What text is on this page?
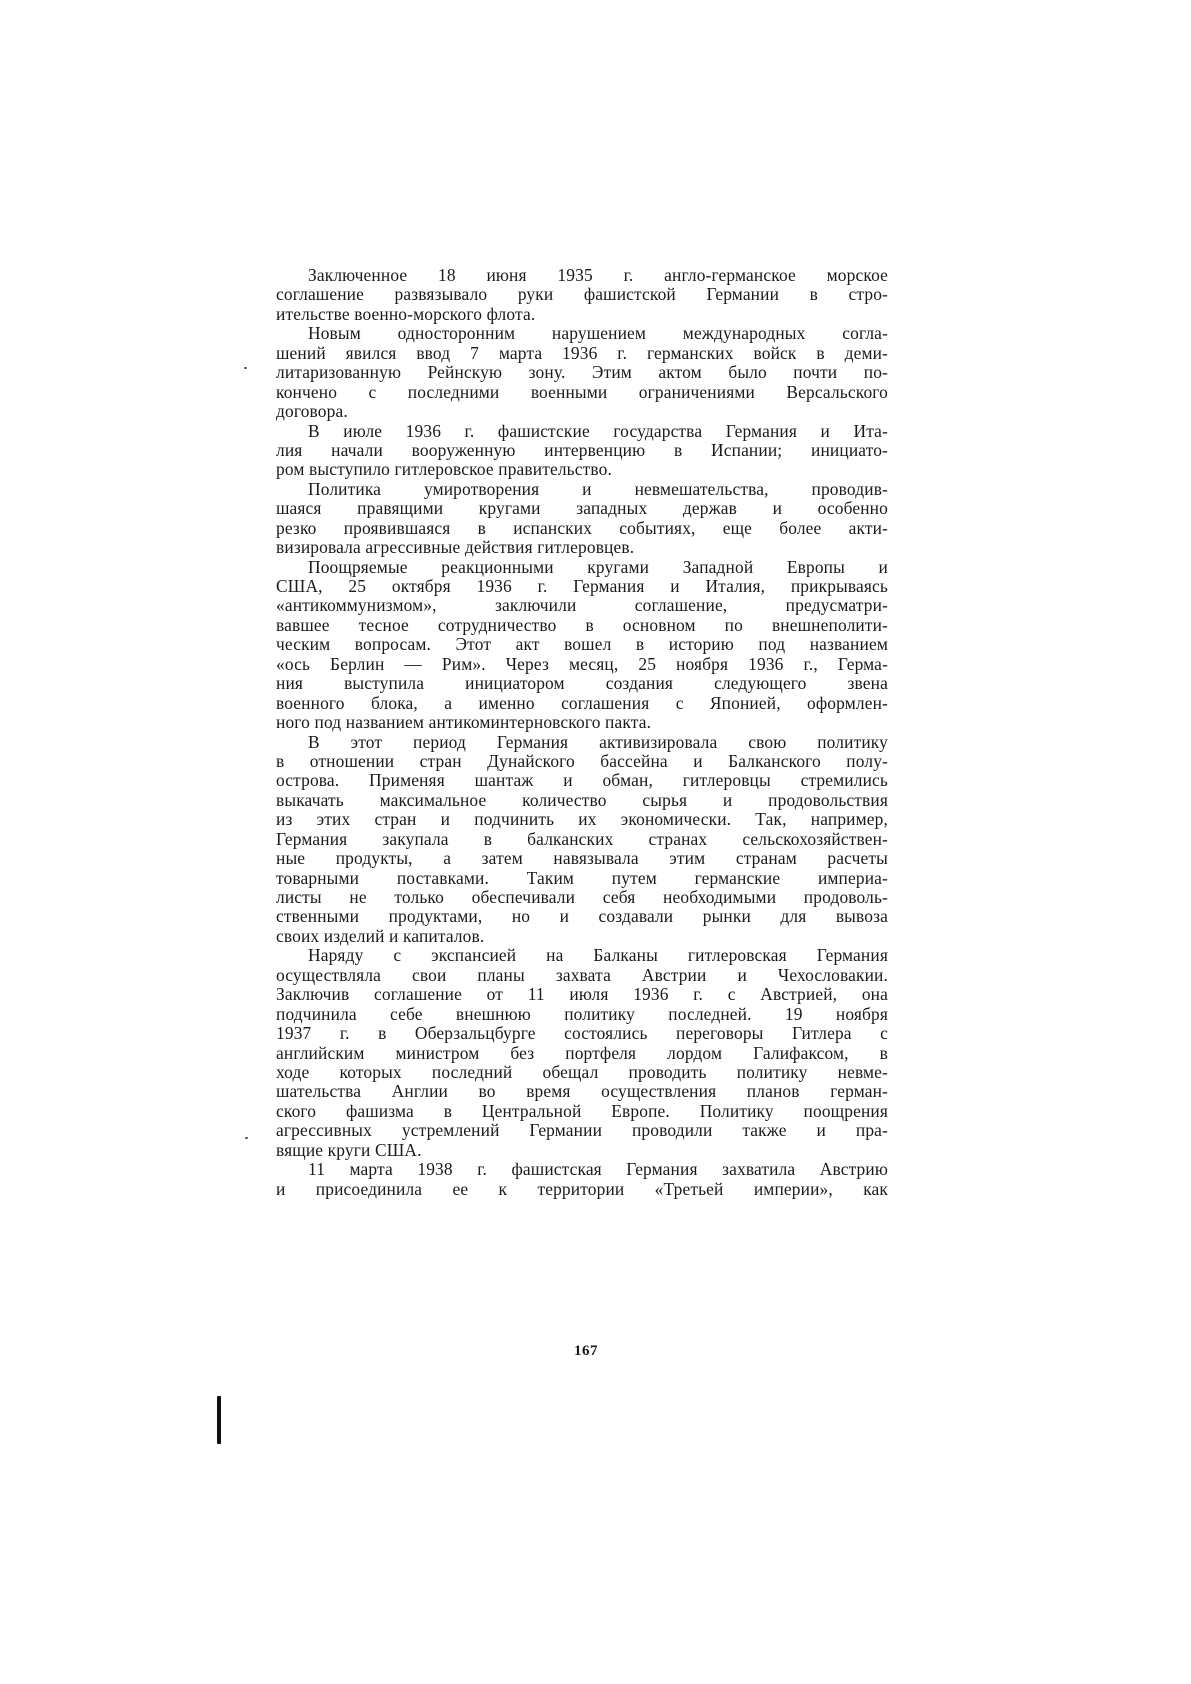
Заключенное 18 июня 1935 г. англо-германское морское
соглашение развязывало руки фашистской Германии в стро-
ительстве военно-морского флота.
Новым односторонним нарушением международных согла-
шений явился ввод 7 марта 1936 г. германских войск в деми-
литаризованную Рейнскую зону. Этим актом было почти по-
кончено с последними военными ограничениями Версальского
договора.
В июле 1936 г. фашистские государства Германия и Ита-
лия начали вооруженную интервенцию в Испании; инициато-
ром выступило гитлеровское правительство.
Политика умиротворения и невмешательства, проводив-
шаяся правящими кругами западных держав и особенно
резко проявившаяся в испанских событиях, еще более акти-
визировала агрессивные действия гитлеровцев.
Поощряемые реакционными кругами Западной Европы и
США, 25 октября 1936 г. Германия и Италия, прикрываясь
«антикоммунизмом», заключили соглашение, предусматри-
вавшее тесное сотрудничество в основном по внешнеполити-
ческим вопросам. Этот акт вошел в историю под названием
«ось Берлин — Рим». Через месяц, 25 ноября 1936 г., Герма-
ния выступила инициатором создания следующего звена
военного блока, а именно соглашения с Японией, оформлен-
ного под названием антикоминтерновского пакта.
В этот период Германия активизировала свою политику
в отношении стран Дунайского бассейна и Балканского полу-
острова. Применяя шантаж и обман, гитлеровцы стремились
выкачать максимальное количество сырья и продовольствия
из этих стран и подчинить их экономически. Так, например,
Германия закупала в балканских странах сельскохозяйствен-
ные продукты, а затем навязывала этим странам расчеты
товарными поставками. Таким путем германские империа-
листы не только обеспечивали себя необходимыми продоволь-
ственными продуктами, но и создавали рынки для вывоза
своих изделий и капиталов.
Наряду с экспансией на Балканы гитлеровская Германия
осуществляла свои планы захвата Австрии и Чехословакии.
Заключив соглашение от 11 июля 1936 г. с Австрией, она
подчинила себе внешнюю политику последней. 19 ноября
1937 г. в Оберзальцбурге состоялись переговоры Гитлера с
английским министром без портфеля лордом Галифаксом, в
ходе которых последний обещал проводить политику невме-
шательства Англии во время осуществления планов герман-
ского фашизма в Центральной Европе. Политику поощрения
агрессивных устремлений Германии проводили также и пра-
вящие круги США.
11 марта 1938 г. фашистская Германия захватила Австрию
и присоединила ее к территории «Третьей империи», как
167
